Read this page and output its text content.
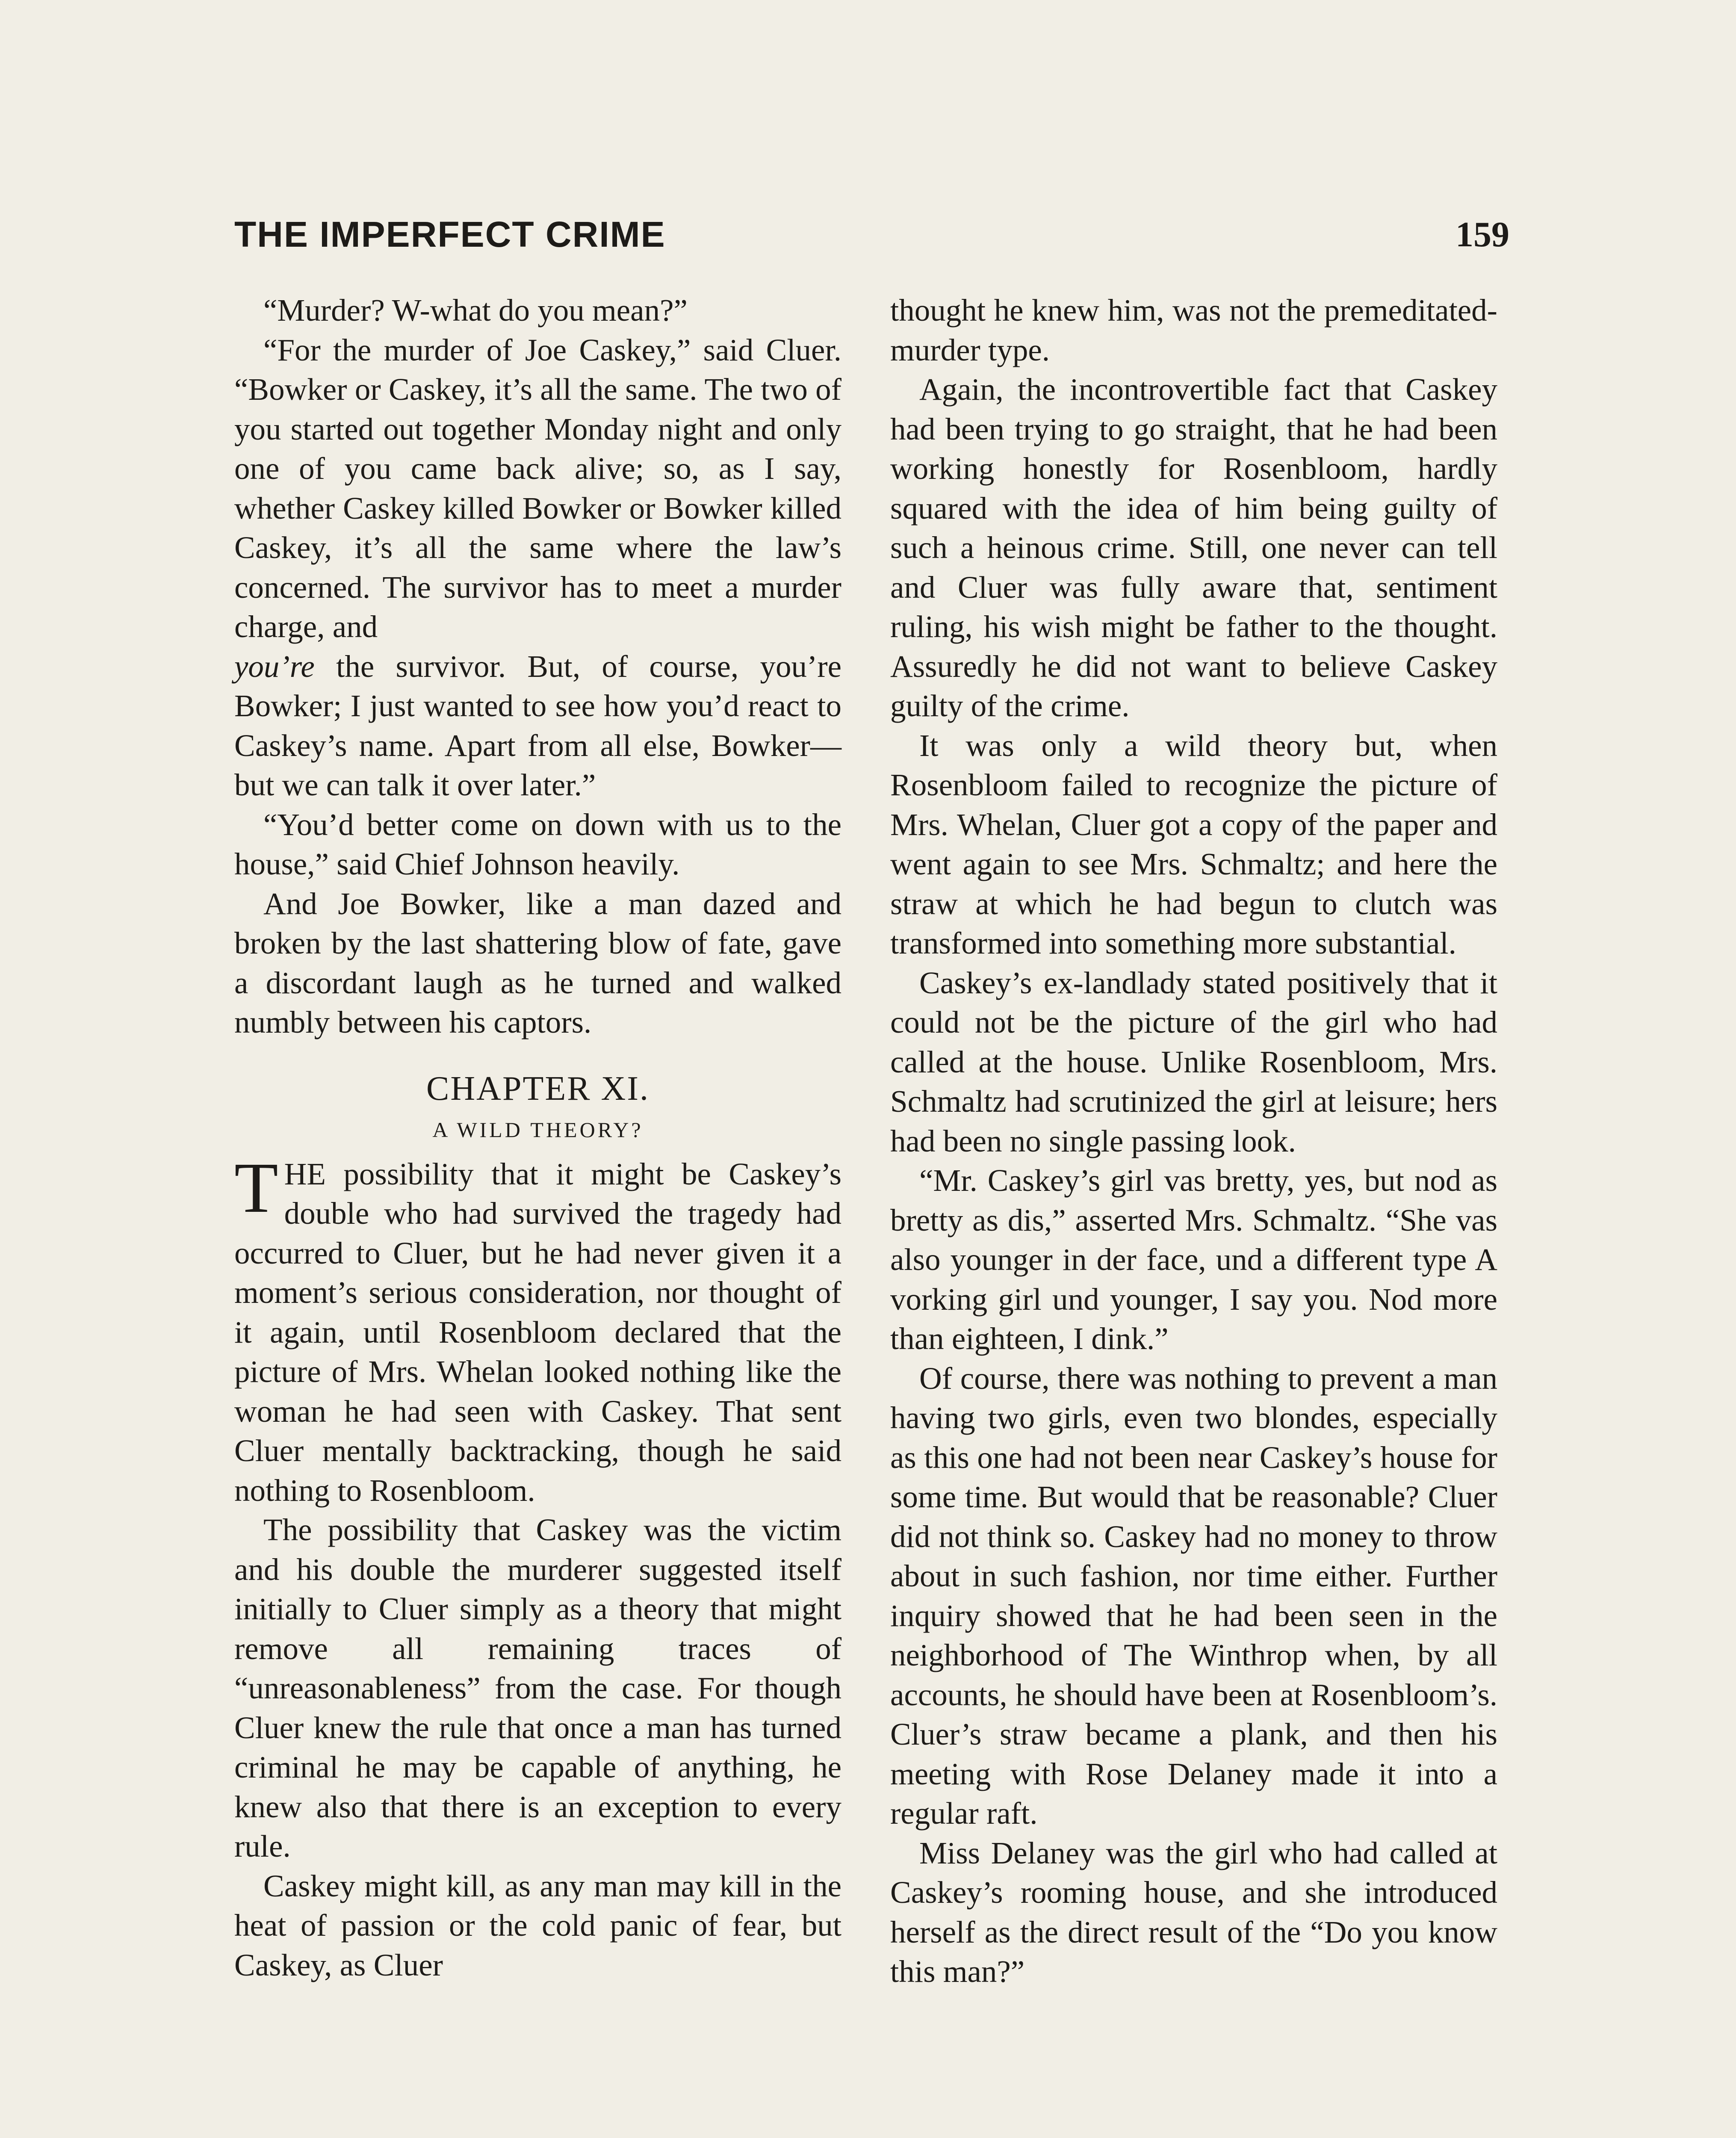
THE IMPERFECT CRIME	159

“Murder? W-what do you mean?”

“For the murder of Joe Caskey,” said Cluer. “Bowker or Caskey, it’s all the same. The two of you started out together Monday night and only one of you came back alive; so, as I say, whether Caskey killed Bowker or Bowker killed Caskey, it’s all the same where the law’s concerned. The survivor has to meet a murder charge, and

you’re the survivor. But, of course, you’re Bowker; I just wanted to see how you’d react to Caskey’s name. Apart from all else, Bowker—but we can talk it over later.”

“You’d better come on down with us to the house,” said Chief Johnson heavily.

And Joe Bowker, like a man dazed and broken by the last shattering blow of fate, gave a discordant laugh as he turned and walked numbly between his captors.

CHAPTER XI.
A WILD THEORY?

THE possibility that it might be Caskey’s double who had survived the tragedy had occurred to Cluer, but he had never given it a moment’s serious consideration, nor thought of it again, until Rosenbloom declared that the picture of Mrs. Whelan looked nothing like the woman he had seen with Caskey. That sent Cluer mentally backtracking, though he said nothing to Rosenbloom.

The possibility that Caskey was the victim and his double the murderer suggested itself initially to Cluer simply as a theory that might remove all remaining traces of “unreasonableness” from the case. For though Cluer knew the rule that once a man has turned criminal he may be capable of anything, he knew also that there is an exception to every rule.

Caskey might kill, as any man may kill in the heat of passion or the cold panic of fear, but Caskey, as Cluer

thought he knew him, was not the premeditated-murder type.

Again, the incontrovertible fact that Caskey had been trying to go straight, that he had been working honestly for Rosenbloom, hardly squared with the idea of him being guilty of such a heinous crime. Still, one never can tell and Cluer was fully aware that, sentiment ruling, his wish might be father to the thought. Assuredly he did not want to believe Caskey guilty of the crime.

It was only a wild theory but, when Rosenbloom failed to recognize the picture of Mrs. Whelan, Cluer got a copy of the paper and went again to see Mrs. Schmaltz; and here the straw at which he had begun to clutch was transformed into something more substantial.

Caskey’s ex-landlady stated positively that it could not be the picture of the girl who had called at the house. Unlike Rosenbloom, Mrs. Schmaltz had scrutinized the girl at leisure; hers had been no single passing look.

“Mr. Caskey’s girl vas bretty, yes, but nod as bretty as dis,” asserted Mrs. Schmaltz. “She vas also younger in der face, und a different type A vorking girl und younger, I say you. Nod more than eighteen, I dink.”

Of course, there was nothing to prevent a man having two girls, even two blondes, especially as this one had not been near Caskey’s house for some time. But would that be reasonable? Cluer did not think so. Caskey had no money to throw about in such fashion, nor time either. Further inquiry showed that he had been seen in the neighborhood of The Winthrop when, by all accounts, he should have been at Rosenbloom’s. Cluer’s straw became a plank, and then his meeting with Rose Delaney made it into a regular raft.

Miss Delaney was the girl who had called at Caskey’s rooming house, and she introduced herself as the direct result of the “Do you know this man?”
